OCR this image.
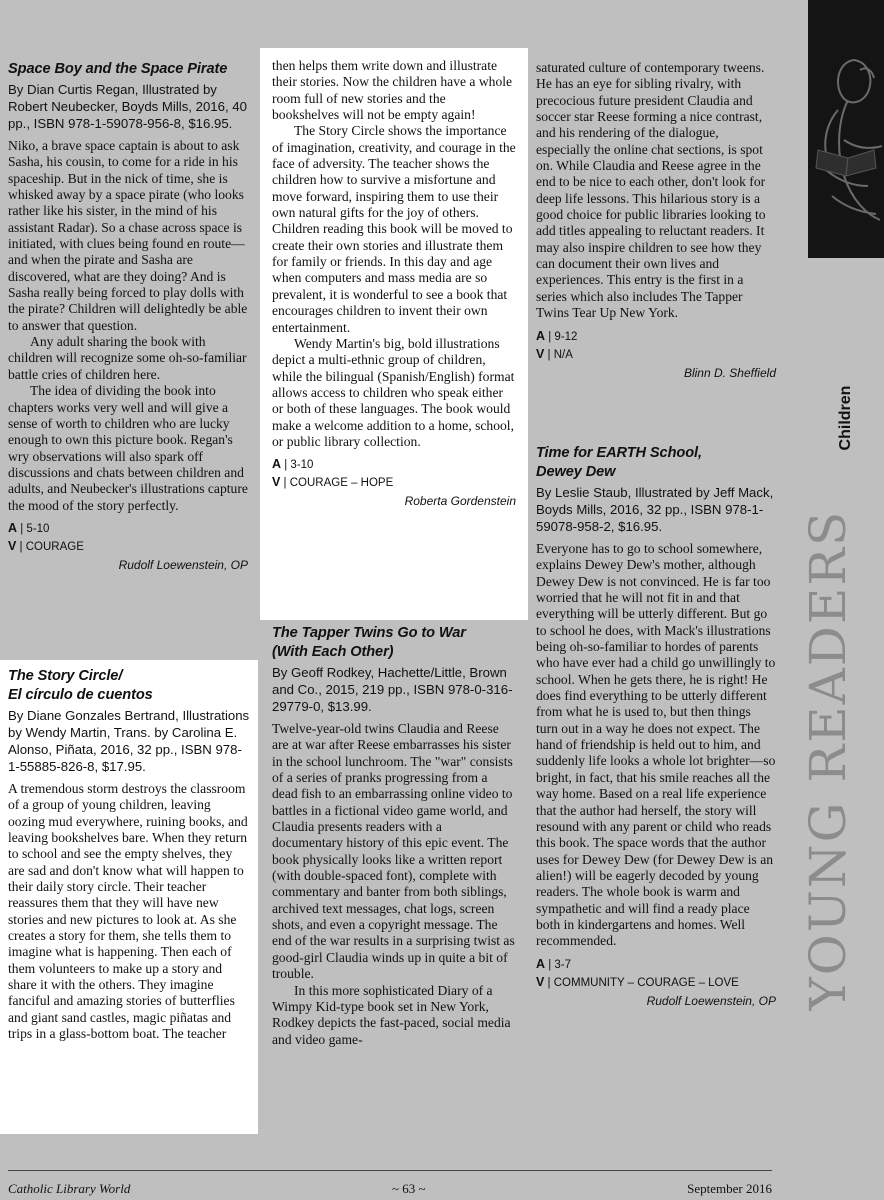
YOUNG READERS
Children
Space Boy and the Space Pirate
By Dian Curtis Regan, Illustrated by Robert Neubecker, Boyds Mills, 2016, 40 pp., ISBN 978-1-59078-956-8, $16.95.

Niko, a brave space captain is about to ask Sasha, his cousin, to come for a ride in his spaceship. But in the nick of time, she is whisked away by a space pirate (who looks rather like his sister, in the mind of his assistant Radar). So a chase across space is initiated, with clues being found en route—and when the pirate and Sasha are discovered, what are they doing? And is Sasha really being forced to play dolls with the pirate? Children will delightedly be able to answer that question.

Any adult sharing the book with children will recognize some oh-so-familiar battle cries of children here.

The idea of dividing the book into chapters works very well and will give a sense of worth to children who are lucky enough to own this picture book. Regan's wry observations will also spark off discussions and chats between children and adults, and Neubecker's illustrations capture the mood of the story perfectly.

A | 5-10
V | COURAGE
Rudolf Loewenstein, OP
The Story Circle/
El círculo de cuentos
By Diane Gonzales Bertrand, Illustrations by Wendy Martin, Trans. by Carolina E. Alonso, Piñata, 2016, 32 pp., ISBN 978-1-55885-826-8, $17.95.

A tremendous storm destroys the classroom of a group of young children, leaving oozing mud everywhere, ruining books, and leaving bookshelves bare. When they return to school and see the empty shelves, they are sad and don't know what will happen to their daily story circle. Their teacher reassures them that they will have new stories and new pictures to look at. As she creates a story for them, she tells them to imagine what is happening. Then each of them volunteers to make up a story and share it with the others. They imagine fanciful and amazing stories of butterflies and giant sand castles, magic piñatas and trips in a glass-bottom boat. The teacher

then helps them write down and illustrate their stories. Now the children have a whole room full of new stories and the bookshelves will not be empty again!

The Story Circle shows the importance of imagination, creativity, and courage in the face of adversity. The teacher shows the children how to survive a misfortune and move forward, inspiring them to use their own natural gifts for the joy of others. Children reading this book will be moved to create their own stories and illustrate them for family or friends. In this day and age when computers and mass media are so prevalent, it is wonderful to see a book that encourages children to invent their own entertainment.

Wendy Martin's big, bold illustrations depict a multi-ethnic group of children, while the bilingual (Spanish/English) format allows access to children who speak either or both of these languages. The book would make a welcome addition to a home, school, or public library collection.

A | 3-10
V | COURAGE – HOPE
Roberta Gordenstein
The Tapper Twins Go to War
(With Each Other)
By Geoff Rodkey, Hachette/Little, Brown and Co., 2015, 219 pp., ISBN 978-0-316-29779-0, $13.99.

Twelve-year-old twins Claudia and Reese are at war after Reese embarrasses his sister in the school lunchroom. The "war" consists of a series of pranks progressing from a dead fish to an embarrassing online video to battles in a fictional video game world, and Claudia presents readers with a documentary history of this epic event. The book physically looks like a written report (with double-spaced font), complete with commentary and banter from both siblings, archived text messages, chat logs, screen shots, and even a copyright message. The end of the war results in a surprising twist as good-girl Claudia winds up in quite a bit of trouble.

In this more sophisticated Diary of a Wimpy Kid-type book set in New York, Rodkey depicts the fast-paced, social media and video game-

saturated culture of contemporary tweens. He has an eye for sibling rivalry, with precocious future president Claudia and soccer star Reese forming a nice contrast, and his rendering of the dialogue, especially the online chat sections, is spot on. While Claudia and Reese agree in the end to be nice to each other, don't look for deep life lessons. This hilarious story is a good choice for public libraries looking to add titles appealing to reluctant readers. It may also inspire children to see how they can document their own lives and experiences. This entry is the first in a series which also includes The Tapper Twins Tear Up New York.

A | 9-12
V | N/A
Blinn D. Sheffield
Time for EARTH School,
Dewey Dew
By Leslie Staub, Illustrated by Jeff Mack, Boyds Mills, 2016, 32 pp., ISBN 978-1-59078-958-2, $16.95.

Everyone has to go to school somewhere, explains Dewey Dew's mother, although Dewey Dew is not convinced. He is far too worried that he will not fit in and that everything will be utterly different. But go to school he does, with Mack's illustrations being oh-so-familiar to hordes of parents who have ever had a child go unwillingly to school. When he gets there, he is right! He does find everything to be utterly different from what he is used to, but then things turn out in a way he does not expect. The hand of friendship is held out to him, and suddenly life looks a whole lot brighter—so bright, in fact, that his smile reaches all the way home. Based on a real life experience that the author had herself, the story will resound with any parent or child who reads this book. The space words that the author uses for Dewey Dew (for Dewey Dew is an alien!) will be eagerly decoded by young readers. The whole book is warm and sympathetic and will find a ready place both in kindergartens and homes. Well recommended.

A | 3-7
V | COMMUNITY – COURAGE – LOVE
Rudolf Loewenstein, OP
Catholic Library World	~ 63 ~	September 2016
